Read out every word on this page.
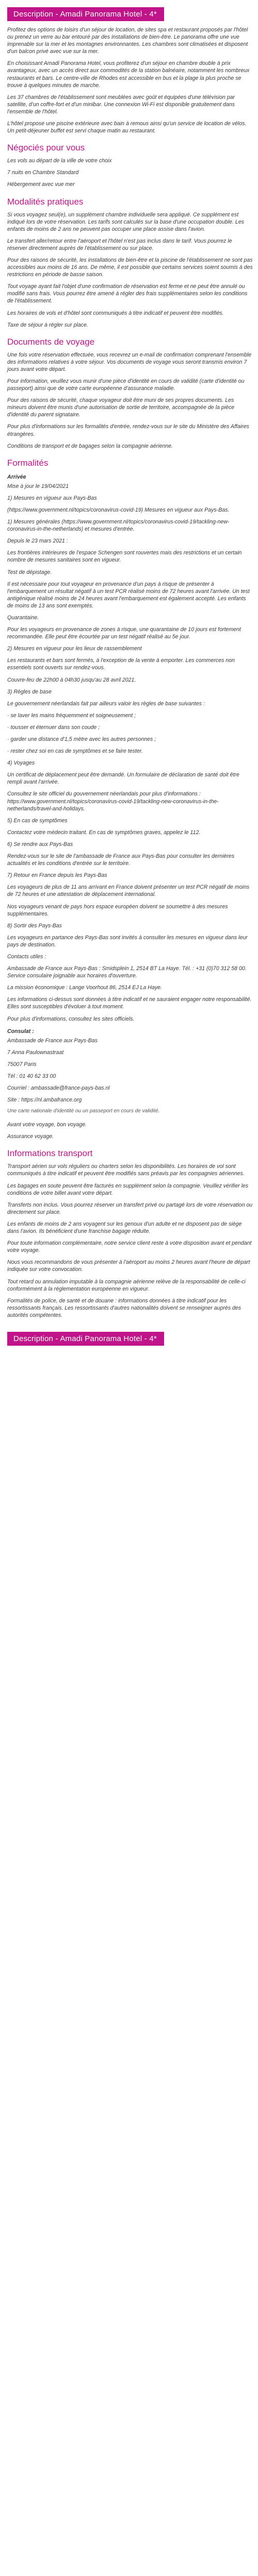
Description - Amadi Panorama Hotel - 4*

Profitez des options de loisirs d'un séjour de location, de sites spa et restaurant proposés par l'hôtel ou prenez un verre au bar entouré par des installations de bien-être. Le panorama offre une vue imprenable sur la mer et les montagnes environnantes. Les chambres sont climatisées et disposent d'un balcon privé avec vue sur la mer.

En choisissant Amadi Panorama Hotel, vous profiterez d'un séjour en chambre double à prix avantageux, avec un accès direct aux commodités de la station balnéaire, notamment les nombreux restaurants et bars. Le centre-ville de Rhodes est accessible en bus et la plage la plus proche se trouve à quelques minutes de marche.

Les 37 chambres de l'établissement sont meublées avec goût et équipées d'une télévision par satellite, d'un coffre-fort et d'un minibar. Une connexion Wi-Fi est disponible gratuitement dans l'ensemble de l'hôtel.

L'hôtel propose une piscine extérieure avec bain à remous ainsi qu'un service de location de vélos. Un petit-déjeuner buffet est servi chaque matin au restaurant.

Négociés pour vous

Les vols au départ de la ville de votre choix

7 nuits en Chambre Standard

Hébergement avec vue mer

Modalités pratiques

Si vous voyagez seul(e), un supplément chambre individuelle sera appliqué. Ce supplément est indiqué lors de votre réservation. Les tarifs sont calculés sur la base d'une occupation double. Les enfants de moins de 2 ans ne peuvent pas occuper une place assise dans l'avion.

Le transfert aller/retour entre l'aéroport et l'hôtel n'est pas inclus dans le tarif. Vous pourrez le réserver directement auprès de l'établissement ou sur place.

Pour des raisons de sécurité, les installations de bien-être et la piscine de l'établissement ne sont pas accessibles aux moins de 16 ans. De même, il est possible que certains services soient soumis à des restrictions en période de basse saison.

Tout voyage ayant fait l'objet d'une confirmation de réservation est ferme et ne peut être annulé ou modifié sans frais. Vous pourrez être amené à régler des frais supplémentaires selon les conditions de l'établissement.

Les horaires de vols et d'hôtel sont communiqués à titre indicatif et peuvent être modifiés.

Taxe de séjour à régler sur place.

Documents de voyage

Une fois votre réservation effectuée, vous recevrez un e-mail de confirmation comprenant l'ensemble des informations relatives à votre séjour. Vos documents de voyage vous seront transmis environ 7 jours avant votre départ.

Pour information, veuillez vous munir d'une pièce d'identité en cours de validité (carte d'identité ou passeport) ainsi que de votre carte européenne d'assurance maladie.

Pour des raisons de sécurité, chaque voyageur doit être muni de ses propres documents. Les mineurs doivent être munis d'une autorisation de sortie de territoire, accompagnée de la pièce d'identité du parent signataire.

Pour plus d'informations sur les formalités d'entrée, rendez-vous sur le site du Ministère des Affaires étrangères.

Conditions de transport et de bagages selon la compagnie aérienne.

Formalités
Arrivée

Mise à jour le 19/04/2021

1) Mesures en vigueur aux Pays-Bas

(https://www.government.nl/topics/coronavirus-covid-19) Mesures en vigueur aux Pays-Bas.

1) Mesures générales (https://www.government.nl/topics/coronavirus-covid-19/tackling-new-coronavirus-in-the-netherlands) et mesures d'entrée.

Depuis le 23 mars 2021 :

Les frontières intérieures de l'espace Schengen sont rouvertes mais des restrictions et un certain nombre de mesures sanitaires sont en vigueur.

Test de dépistage.

Il est nécessaire pour tout voyageur en provenance d'un pays à risque de présenter à l'embarquement un résultat négatif à un test PCR réalisé moins de 72 heures avant l'arrivée. Un test antigénique réalisé moins de 24 heures avant l'embarquement est également accepté. Les enfants de moins de 13 ans sont exemptés.

Quarantaine.

Pour les voyageurs en provenance de zones à risque, une quarantaine de 10 jours est fortement recommandée. Elle peut être écourtée par un test négatif réalisé au 5e jour.

2) Mesures en vigueur pour les lieux de rassemblement

Les restaurants et bars sont fermés, à l'exception de la vente à emporter. Les commerces non essentiels sont ouverts sur rendez-vous.

Couvre-feu de 22h00 à 04h30 jusqu'au 28 avril 2021.

3) Règles de base

Le gouvernement néerlandais fait par ailleurs valoir les règles de base suivantes :

· se laver les mains fréquemment et soigneusement ;

· tousser et éternuer dans son coude ;

· garder une distance d'1,5 mètre avec les autres personnes ;

· rester chez soi en cas de symptômes et se faire tester.

4) Voyages

Un certificat de déplacement peut être demandé. Un formulaire de déclaration de santé doit être rempli avant l'arrivée.

Consultez le site officiel du gouvernement néerlandais pour plus d'informations : https://www.government.nl/topics/coronavirus-covid-19/tackling-new-coronavirus-in-the-netherlands/travel-and-holidays.

5) En cas de symptômes

Contactez votre médecin traitant. En cas de symptômes graves, appelez le 112.

6) Se rendre aux Pays-Bas

Rendez-vous sur le site de l'ambassade de France aux Pays-Bas pour consulter les dernières actualités et les conditions d'entrée sur le territoire.

7) Retour en France depuis les Pays-Bas

Les voyageurs de plus de 11 ans arrivant en France doivent présenter un test PCR négatif de moins de 72 heures et une attestation de déplacement international.

Nos voyageurs venant de pays hors espace européen doivent se soumettre à des mesures supplémentaires.

8) Sortir des Pays-Bas

Les voyageurs en partance des Pays-Bas sont invités à consulter les mesures en vigueur dans leur pays de destination.

Contacts utiles :

Ambassade de France aux Pays-Bas : Smidsplein 1, 2514 BT La Haye. Tél. : +31 (0)70 312 58 00. Service consulaire joignable aux horaires d'ouverture.

La mission économique : Lange Voorhout 86, 2514 EJ La Haye.

Les informations ci-dessus sont données à titre indicatif et ne sauraient engager notre responsabilité. Elles sont susceptibles d'évoluer à tout moment.

Pour plus d'informations, consultez les sites officiels.

Consulat :

Ambassade de France aux Pays-Bas

7 Anna Paulownastraat

75007 Paris

Tél : 01 40 62 33 00

Courriel : ambassade@france-pays-bas.nl

Site : https://nl.ambafrance.org

Une carte nationale d'identité ou un passeport en cours de validité.

Avant votre voyage, bon voyage.

Assurance voyage.

Informations transport

Transport aérien sur vols réguliers ou charters selon les disponibilités. Les horaires de vol sont communiqués à titre indicatif et peuvent être modifiés sans préavis par les compagnies aériennes.

Les bagages en soute peuvent être facturés en supplément selon la compagnie. Veuillez vérifier les conditions de votre billet avant votre départ.

Transferts non inclus. Vous pourrez réserver un transfert privé ou partagé lors de votre réservation ou directement sur place.

Les enfants de moins de 2 ans voyagent sur les genoux d'un adulte et ne disposent pas de siège dans l'avion. Ils bénéficient d'une franchise bagage réduite.

Pour toute information complémentaire, notre service client reste à votre disposition avant et pendant votre voyage.

Nous vous recommandons de vous présenter à l'aéroport au moins 2 heures avant l'heure de départ indiquée sur votre convocation.

Tout retard ou annulation imputable à la compagnie aérienne relève de la responsabilité de celle-ci conformément à la réglementation européenne en vigueur.

Formalités de police, de santé et de douane : informations données à titre indicatif pour les ressortissants français. Les ressortissants d'autres nationalités doivent se renseigner auprès des autorités compétentes.

Description - Amadi Panorama Hotel - 4*
